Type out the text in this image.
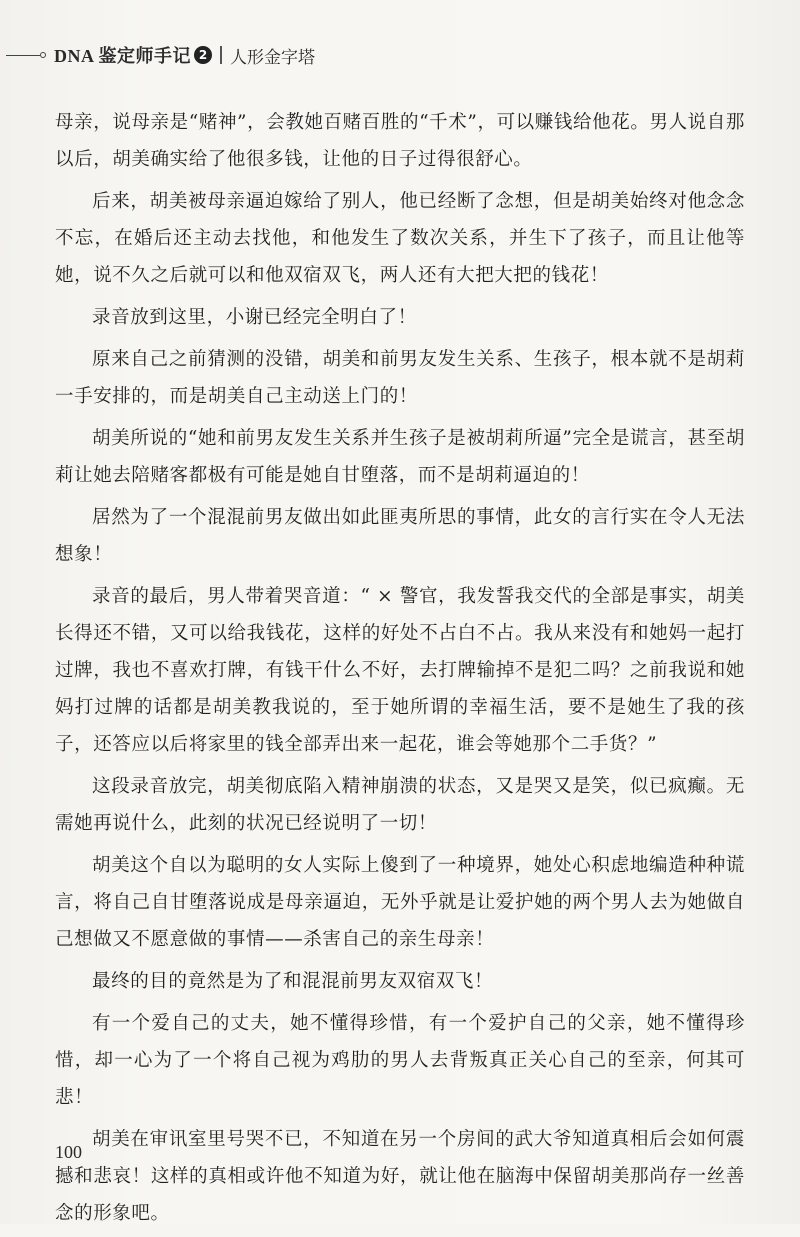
DNA 鉴定师手记 2 人形金字塔

母亲，说母亲是“赌神”，会教她百赌百胜的“千术”，可以赚钱给他花。男人说自那以后，胡美确实给了他很多钱，让他的日子过得很舒心。

后来，胡美被母亲逼迫嫁给了别人，他已经断了念想，但是胡美始终对他念念不忘，在婚后还主动去找他，和他发生了数次关系，并生下了孩子，而且让他等她，说不久之后就可以和他双宿双飞，两人还有大把大把的钱花！

录音放到这里，小谢已经完全明白了！

原来自己之前猜测的没错，胡美和前男友发生关系、生孩子，根本就不是胡莉一手安排的，而是胡美自己主动送上门的！

胡美所说的“她和前男友发生关系并生孩子是被胡莉所逼”完全是谎言，甚至胡莉让她去陪赌客都极有可能是她自甘堕落，而不是胡莉逼迫的！

居然为了一个混混前男友做出如此匪夷所思的事情，此女的言行实在令人无法想象！

录音的最后，男人带着哭音道：“ × 警官，我发誓我交代的全部是事实，胡美长得还不错，又可以给我钱花，这样的好处不占白不占。我从来没有和她妈一起打过牌，我也不喜欢打牌，有钱干什么不好，去打牌输掉不是犯二吗？之前我说和她妈打过牌的话都是胡美教我说的，至于她所谓的幸福生活，要不是她生了我的孩子，还答应以后将家里的钱全部弄出来一起花，谁会等她那个二手货？”

这段录音放完，胡美彻底陷入精神崩溃的状态，又是哭又是笑，似已疯癫。无需她再说什么，此刻的状况已经说明了一切！

胡美这个自以为聪明的女人实际上傻到了一种境界，她处心积虑地编造种种谎言，将自己自甘堕落说成是母亲逼迫，无外乎就是让爱护她的两个男人去为她做自己想做又不愿意做的事情——杀害自己的亲生母亲！

最终的目的竟然是为了和混混前男友双宿双飞！

有一个爱自己的丈夫，她不懂得珍惜，有一个爱护自己的父亲，她不懂得珍惜，却一心为了一个将自己视为鸡肋的男人去背叛真正关心自己的至亲，何其可悲！

胡美在审讯室里号哭不已，不知道在另一个房间的武大爷知道真相后会如何震撼和悲哀！这样的真相或许他不知道为好，就让他在脑海中保留胡美那尚存一丝善念的形象吧。

100
